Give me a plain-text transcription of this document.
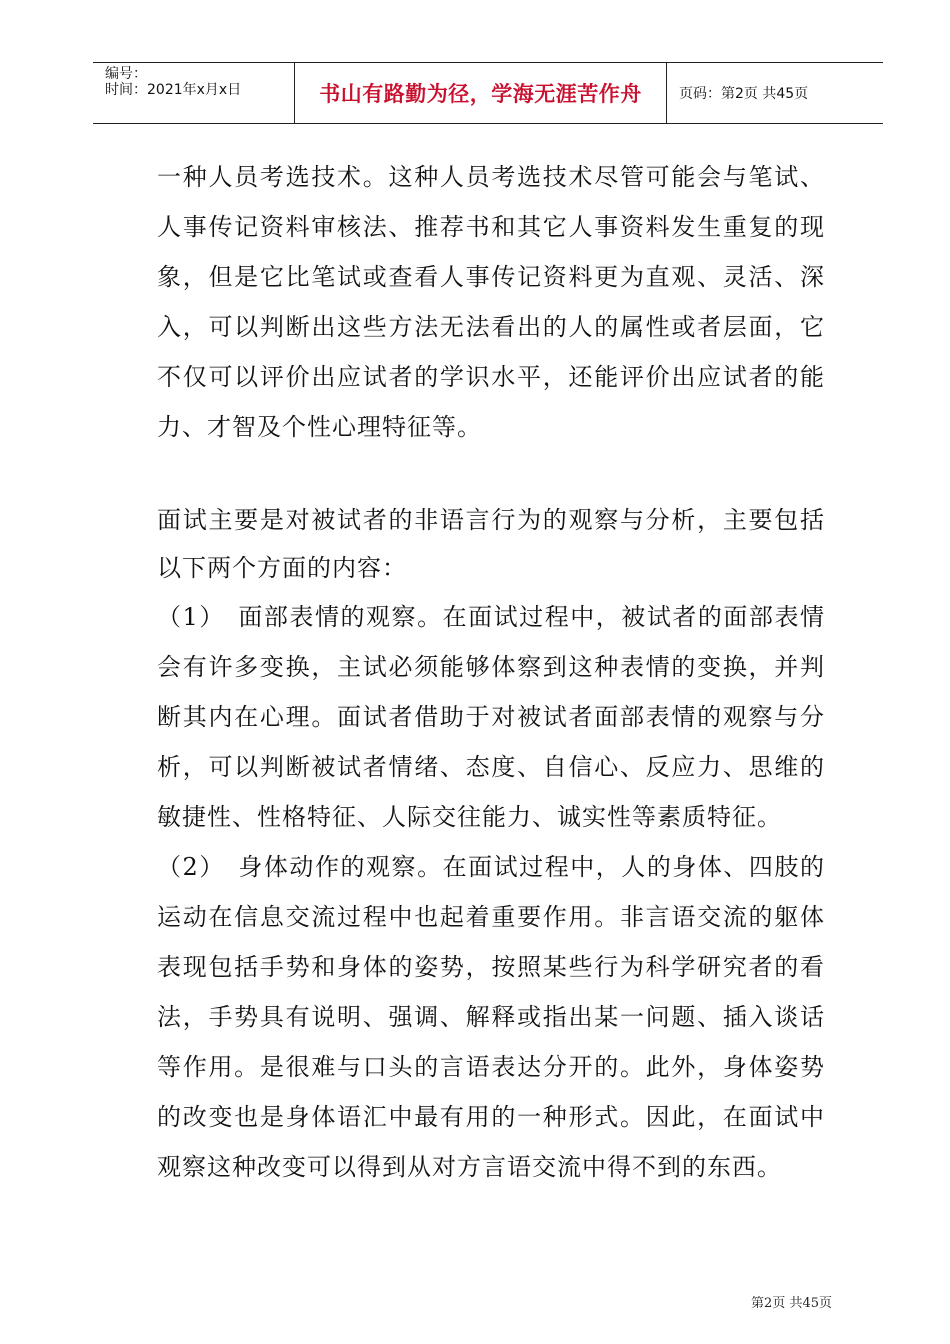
编号：
时间：2021年x月x日	书山有路勤为径，学海无涯苦作舟	页码：第2页 共45页

一种人员考选技术。这种人员考选技术尽管可能会与笔试、人事传记资料审核法、推荐书和其它人事资料发生重复的现象，但是它比笔试或查看人事传记资料更为直观、灵活、深入，可以判断出这些方法无法看出的人的属性或者层面，它不仅可以评价出应试者的学识水平，还能评价出应试者的能力、才智及个性心理特征等。

面试主要是对被试者的非语言行为的观察与分析，主要包括以下两个方面的内容：

（1）　面部表情的观察。在面试过程中，被试者的面部表情会有许多变换，主试必须能够体察到这种表情的变换，并判断其内在心理。面试者借助于对被试者面部表情的观察与分析，可以判断被试者情绪、态度、自信心、反应力、思维的敏捷性、性格特征、人际交往能力、诚实性等素质特征。

（2）　身体动作的观察。在面试过程中，人的身体、四肢的运动在信息交流过程中也起着重要作用。非言语交流的躯体表现包括手势和身体的姿势，按照某些行为科学研究者的看法，手势具有说明、强调、解释或指出某一问题、插入谈话等作用。是很难与口头的言语表达分开的。此外，身体姿势的改变也是身体语汇中最有用的一种形式。因此，在面试中观察这种改变可以得到从对方言语交流中得不到的东西。

第2页 共45页
